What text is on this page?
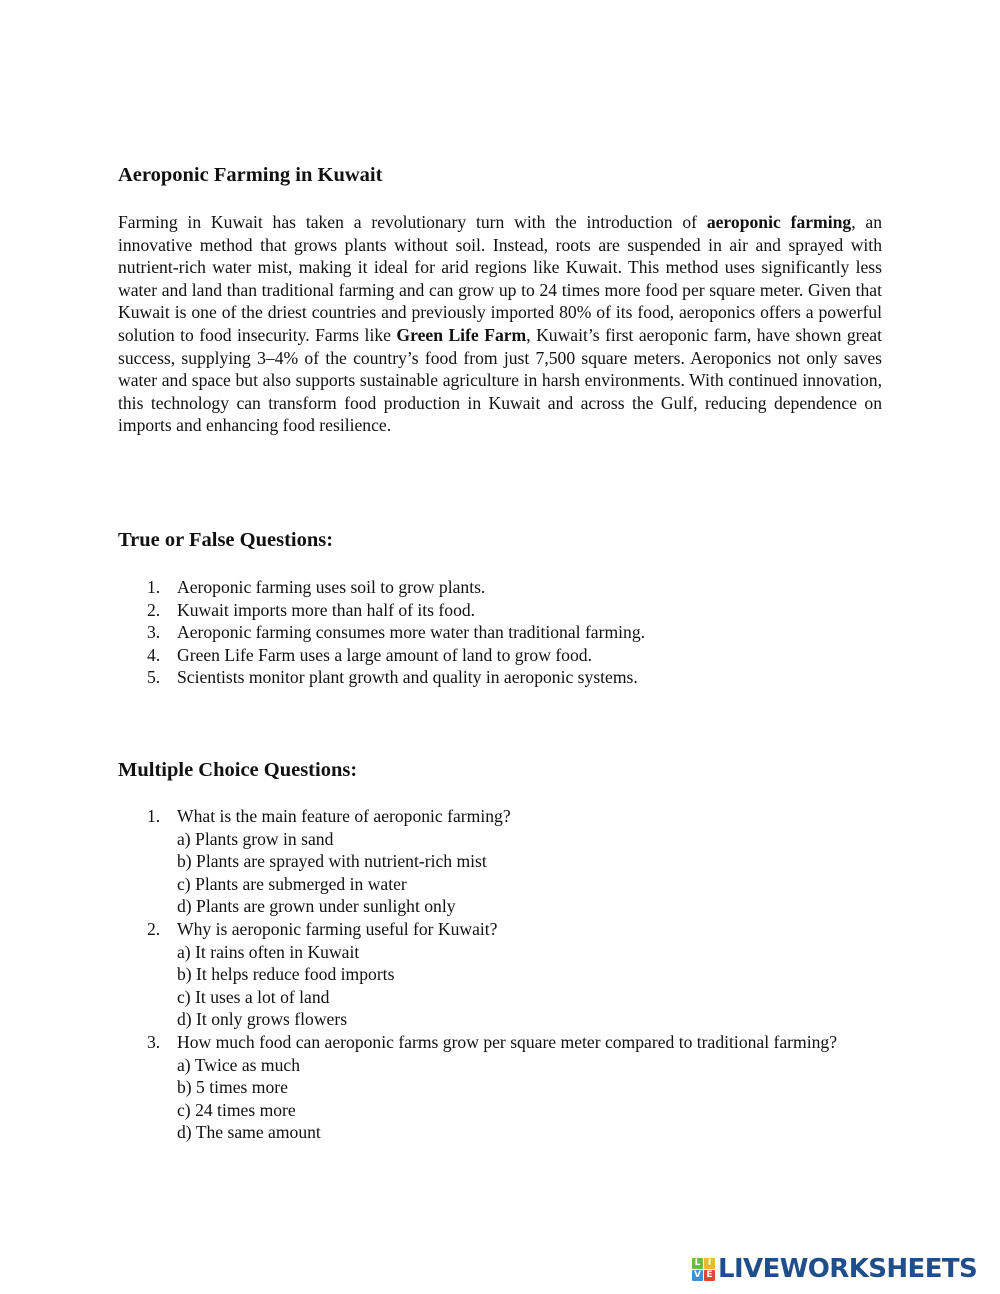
Aeroponic Farming in Kuwait

Farming in Kuwait has taken a revolutionary turn with the introduction of aeroponic farming, an innovative method that grows plants without soil. Instead, roots are suspended in air and sprayed with nutrient-rich water mist, making it ideal for arid regions like Kuwait. This method uses significantly less water and land than traditional farming and can grow up to 24 times more food per square meter. Given that Kuwait is one of the driest countries and previously imported 80% of its food, aeroponics offers a powerful solution to food insecurity. Farms like Green Life Farm, Kuwait’s first aeroponic farm, have shown great success, supplying 3–4% of the country’s food from just 7,500 square meters. Aeroponics not only saves water and space but also supports sustainable agriculture in harsh environments. With continued innovation, this technology can transform food production in Kuwait and across the Gulf, reducing dependence on imports and enhancing food resilience.

True or False Questions:
1. Aeroponic farming uses soil to grow plants.
2. Kuwait imports more than half of its food.
3. Aeroponic farming consumes more water than traditional farming.
4. Green Life Farm uses a large amount of land to grow food.
5. Scientists monitor plant growth and quality in aeroponic systems.
Multiple Choice Questions:
1. What is the main feature of aeroponic farming?
a) Plants grow in sand
b) Plants are sprayed with nutrient-rich mist
c) Plants are submerged in water
d) Plants are grown under sunlight only
2. Why is aeroponic farming useful for Kuwait?
a) It rains often in Kuwait
b) It helps reduce food imports
c) It uses a lot of land
d) It only grows flowers
3. How much food can aeroponic farms grow per square meter compared to traditional farming?
a) Twice as much
b) 5 times more
c) 24 times more
d) The same amount
L I
V E LIVEWORKSHEETS
